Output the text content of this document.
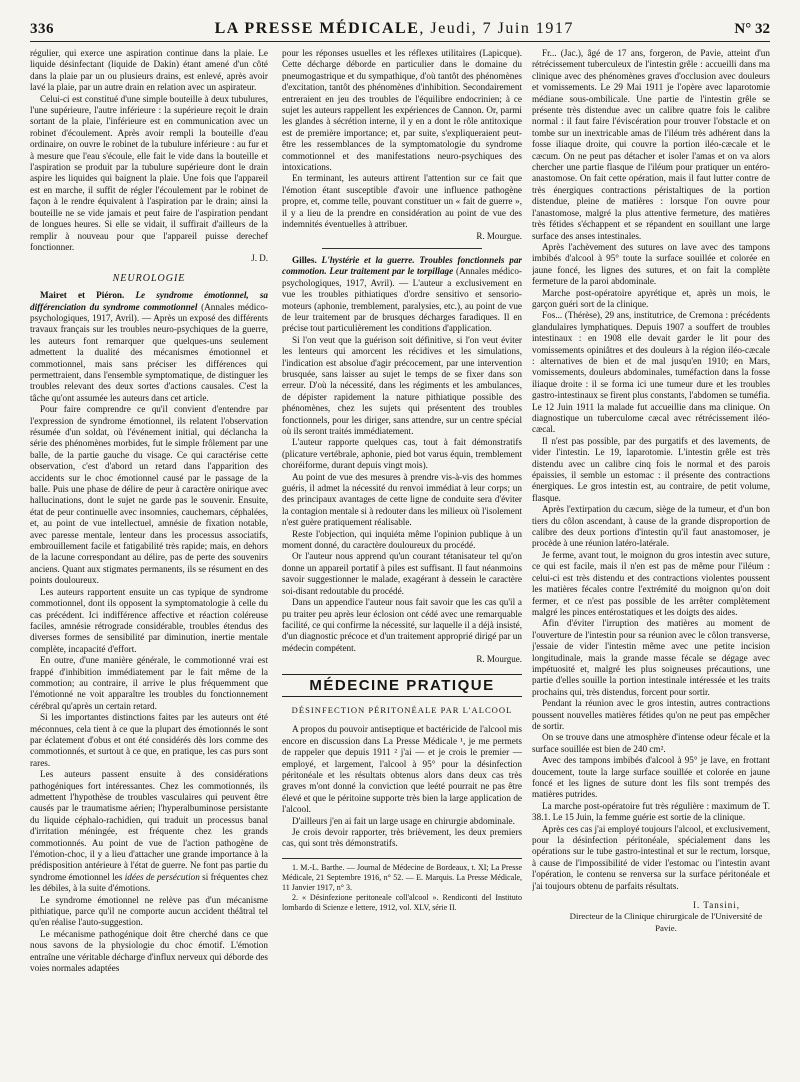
336	LA PRESSE MÉDICALE, Jeudi, 7 Juin 1917	N° 32

régulier, qui exerce une aspiration continue dans la plaie. Le liquide désinfectant (liquide de Dakin) étant amené d'un côté dans la plaie par un ou plusieurs drains, est enlevé, après avoir lavé la plaie, par un autre drain en relation avec un aspirateur.

Celui-ci est constitué d'une simple bouteille à deux tubulures, l'une supérieure, l'autre inférieure : la supérieure reçoit le drain sortant de la plaie, l'inférieure est en communication avec un robinet d'écoulement. Après avoir rempli la bouteille d'eau ordinaire, on ouvre le robinet de la tubulure inférieure : au fur et à mesure que l'eau s'écoule, elle fait le vide dans la bouteille et l'aspiration se produit par la tubulure supérieure dont le drain aspire les liquides qui baignent la plaie. Une fois que l'appareil est en marche, il suffit de régler l'écoulement par le robinet de façon à le rendre équivalent à l'aspiration par le drain; ainsi la bouteille ne se vide jamais et peut faire de l'aspiration pendant de longues heures. Si elle se vidait, il suffirait d'ailleurs de la remplir à nouveau pour que l'appareil puisse derechef fonctionner.

J. D.

NEUROLOGIE

Mairet et Piéron. Le syndrome émotionnel, sa différenciation du syndrome commotionnel (Annales médico-psychologiques, 1917, Avril). — Après un exposé des différents travaux français sur les troubles neuro-psychiques de la guerre, les auteurs font remarquer que quelques-uns seulement admettent la dualité des mécanismes émotionnel et commotionnel, mais sans préciser les différences qui permettraient, dans l'ensemble symptomatique, de distinguer les troubles relevant des deux sortes d'actions causales. C'est la tâche qu'ont assumée les auteurs dans cet article.

Pour faire comprendre ce qu'il convient d'entendre par l'expression de syndrome émotionnel, ils relatent l'observation résumée d'un soldat, où l'événement initial, qui déclancha la série des phénomènes morbides, fut le simple frôlement par une balle, de la partie gauche du visage. Ce qui caractérise cette observation, c'est d'abord un retard dans l'apparition des accidents sur le choc émotionnel causé par le passage de la balle. Puis une phase de délire de peur à caractère onirique avec hallucinations, dont le sujet ne garde pas le souvenir. Ensuite, état de peur continuelle avec insomnies, cauchemars, céphalées, et, au point de vue intellectuel, amnésie de fixation notable, avec paresse mentale, lenteur dans les processus associatifs, embrouillement facile et fatigabilité très rapide; mais, en dehors de la lacune correspondant au délire, pas de perte des souvenirs anciens. Quant aux stigmates permanents, ils se résument en des points douloureux.

Les auteurs rapportent ensuite un cas typique de syndrome commotionnel, dont ils opposent la symptomatologie à celle du cas précédent. Ici indifférence affective et réaction coléreuse faciles, amnésie rétrograde considérable, troubles étendus des diverses formes de sensibilité par diminution, inertie mentale complète, incapacité d'effort.

En outre, d'une manière générale, le commotionné vrai est frappé d'inhibition immédiatement par le fait même de la commotion; au contraire, il arrive le plus fréquemment que l'émotionné ne voit apparaître les troubles du fonctionnement cérébral qu'après un certain retard.

Si les importantes distinctions faites par les auteurs ont été méconnues, cela tient à ce que la plupart des émotionnés le sont par éclatement d'obus et ont été considérés dès lors comme des commotionnés, et surtout à ce que, en pratique, les cas purs sont rares.

Les auteurs passent ensuite à des considérations pathogéniques fort intéressantes. Chez les commotionnés, ils admettent l'hypothèse de troubles vasculaires qui peuvent être causés par le traumatisme aérien; l'hyperalbuminose persistante du liquide céphalo-rachidien, qui traduit un processus banal d'irritation méningée, est fréquente chez les grands commotionnés. Au point de vue de l'action pathogène de l'émotion-choc, il y a lieu d'attacher une grande importance à la prédisposition antérieure à l'état de guerre. Ne font pas partie du syndrome émotionnel les idées de persécution si fréquentes chez les débiles, à la suite d'émotions.

Le syndrome émotionnel ne relève pas d'un mécanisme pithiatique, parce qu'il ne comporte aucun accident théâtral tel qu'en réalise l'auto-suggestion.

Le mécanisme pathogénique doit être cherché dans ce que nous savons de la physiologie du choc émotif. L'émotion entraîne une véritable décharge d'influx nerveux qui déborde des voies normales adaptées

pour les réponses usuelles et les réflexes utilitaires (Lapicque). Cette décharge déborde en particulier dans le domaine du pneumogastrique et du sympathique, d'où tantôt des phénomènes d'excitation, tantôt des phénomènes d'inhibition. Secondairement entreraient en jeu des troubles de l'équilibre endocrinien; à ce sujet les auteurs rappellent les expériences de Cannon. Or, parmi les glandes à sécrétion interne, il y en a dont le rôle antitoxique est de première importance; et, par suite, s'expliqueraient peut-être les ressemblances de la symptomatologie du syndrome commotionnel et des manifestations neuro-psychiques des intoxications.

En terminant, les auteurs attirent l'attention sur ce fait que l'émotion étant susceptible d'avoir une influence pathogène propre, et, comme telle, pouvant constituer un « fait de guerre », il y a lieu de la prendre en considération au point de vue des indemnités éventuelles à attribuer.

R. Mourgue.

Gilles. L'hystérie et la guerre. Troubles fonctionnels par commotion. Leur traitement par le torpillage (Annales médico-psychologiques, 1917, Avril). — L'auteur a exclusivement en vue les troubles pithiatiques d'ordre sensitivo et sensorio-moteurs (aphonie, tremblement, paralysies, etc.), au point de vue de leur traitement par de brusques décharges faradiques. Il en précise tout particulièrement les conditions d'application.

Si l'on veut que la guérison soit définitive, si l'on veut éviter les lenteurs qui amorcent les récidives et les simulations, l'indication est absolue d'agir précocement, par une intervention brusquée, sans laisser au sujet le temps de se fixer dans son erreur. D'où la nécessité, dans les régiments et les ambulances, de dépister rapidement la nature pithiatique possible des phénomènes, chez les sujets qui présentent des troubles fonctionnels, pour les diriger, sans attendre, sur un centre spécial où ils seront traités immédiatement.

L'auteur rapporte quelques cas, tout à fait démonstratifs (plicature vertébrale, aphonie, pied bot varus équin, tremblement choréiforme, durant depuis vingt mois).

Au point de vue des mesures à prendre vis-à-vis des hommes guéris, il admet la nécessité du renvoi immédiat à leur corps; un des principaux avantages de cette ligne de conduite sera d'éviter la contagion mentale si à redouter dans les milieux où l'isolement n'est guère pratiquement réalisable.

Reste l'objection, qui inquiéta même l'opinion publique à un moment donné, du caractère douloureux du procédé.

Or l'auteur nous apprend qu'un courant tétanisateur tel qu'on donne un appareil portatif à piles est suffisant. Il faut néanmoins savoir suggestionner le malade, exagérant à dessein le caractère soi-disant redoutable du procédé.

Dans un appendice l'auteur nous fait savoir que les cas qu'il a pu traiter peu après leur éclosion ont cédé avec une remarquable facilité, ce qui confirme la nécessité, sur laquelle il a déjà insisté, d'un diagnostic précoce et d'un traitement approprié dirigé par un médecin compétent.

R. Mourgue.

MÉDECINE PRATIQUE
DÉSINFECTION PÉRITONÉALE PAR L'ALCOOL

A propos du pouvoir antiseptique et bactéricide de l'alcool mis encore en discussion dans La Presse Médicale ¹, je me permets de rappeler que depuis 1911 ² j'ai — et je crois le premier — employé, et largement, l'alcool à 95° pour la désinfection péritonéale et les résultats obtenus alors dans deux cas très graves m'ont donné la conviction que leété pourrait ne pas être élevé et que le péritoine supporte très bien la large application de l'alcool.

D'ailleurs j'en ai fait un large usage en chirurgie abdominale.

Je crois devoir rapporter, très brièvement, les deux premiers cas, qui sont très démonstratifs.

1. M.-L. Barthe. — Journal de Médecine de Bordeaux, t. XI; La Presse Médicale, 21 Septembre 1916, n° 52. — E. Marquis. La Presse Médicale, 11 Janvier 1917, n° 3.

2. « Désinfezione peritoneale coll'alcool ». Rendiconti del Instituto lombardo di Scienze e lettere, 1912, vol. XLV, série II.

Fr... (Jac.), âgé de 17 ans, forgeron, de Pavie, atteint d'un rétrécissement tuberculeux de l'intestin grêle : accueilli dans ma clinique avec des phénomènes graves d'occlusion avec douleurs et vomissements. Le 29 Mai 1911 je l'opère avec laparotomie médiane sous-ombilicale. Une partie de l'intestin grêle se présente très distendue avec un calibre quatre fois le calibre normal : il faut faire l'éviscération pour trouver l'obstacle et on tombe sur un inextricable amas de l'iléum très adhérent dans la fosse iliaque droite, qui couvre la portion iléo-cæcale et le cæcum. On ne peut pas détacher et isoler l'amas et on va alors chercher une partie flasque de l'iléum pour pratiquer un entéro-anastomose. On fait cette opération, mais il faut lutter contre de très énergiques contractions péristaltiques de la portion distendue, pleine de matières : lorsque l'on ouvre pour l'anastomose, malgré la plus attentive fermeture, des matières très fétides s'échappent et se répandent en souillant une large surface des anses intestinales.

Après l'achèvement des sutures on lave avec des tampons imbibés d'alcool à 95° toute la surface souillée et colorée en jaune foncé, les lignes des sutures, et on fait la complète fermeture de la paroi abdominale.

Marche post-opératoire apyrétique et, après un mois, le garçon guéri sort de la clinique.

Fos... (Thérèse), 29 ans, institutrice, de Cremona : précédents glandulaires lymphatiques. Depuis 1907 a souffert de troubles intestinaux : en 1908 elle devait garder le lit pour des vomissements opiniâtres et des douleurs à la région iléo-cæcale : alternatives de bien et de mal jusqu'en 1910; en Mars, vomissements, douleurs abdominales, tuméfaction dans la fosse iliaque droite : il se forma ici une tumeur dure et les troubles gastro-intestinaux se firent plus constants, l'abdomen se tuméfia. Le 12 Juin 1911 la malade fut accueillie dans ma clinique. On diagnostique un tuberculome cæcal avec rétrécissement iléo-cæcal.

Il n'est pas possible, par des purgatifs et des lavements, de vider l'intestin. Le 19, laparotomie. L'intestin grêle est très distendu avec un calibre cinq fois le normal et des parois épaissies, il semble un estomac : il présente des contractions énergiques. Le gros intestin est, au contraire, de petit volume, flasque.

Après l'extirpation du cæcum, siège de la tumeur, et d'un bon tiers du côlon ascendant, à cause de la grande disproportion de calibre des deux portions d'intestin qu'il faut anastomoser, je procède à une réunion latéro-latérale.

Je ferme, avant tout, le moignon du gros intestin avec suture, ce qui est facile, mais il n'en est pas de même pour l'iléum : celui-ci est très distendu et des contractions violentes poussent les matières fécales contre l'extrémité du moignon qu'on doit fermer, et ce n'est pas possible de les arrêter complètement malgré les pinces entérostatiques et les doigts des aides.

Afin d'éviter l'irruption des matières au moment de l'ouverture de l'intestin pour sa réunion avec le côlon transverse, j'essaie de vider l'intestin même avec une petite incision longitudinale, mais la grande masse fécale se dégage avec impétuosité et, malgré les plus soigneuses précautions, une partie d'elles souille la portion intestinale intéressée et les traits prochains qui, très distendus, forcent pour sortir.

Pendant la réunion avec le gros intestin, autres contractions poussent nouvelles matières fétides qu'on ne peut pas empêcher de sortir.

On se trouve dans une atmosphère d'intense odeur fécale et la surface souillée est bien de 240 cm².

Avec des tampons imbibés d'alcool à 95° je lave, en frottant doucement, toute la large surface souillée et colorée en jaune foncé et les lignes de suture dont les fils sont trempés des matières putrides.

La marche post-opératoire fut très régulière : maximum de T. 38.1. Le 15 Juin, la femme guérie est sortie de la clinique.

Après ces cas j'ai employé toujours l'alcool, et exclusivement, pour la désinfection péritonéale, spécialement dans les opérations sur le tube gastro-intestinal et sur le rectum, lorsque, à cause de l'impossibilité de vider l'estomac ou l'intestin avant l'opération, le contenu se renversa sur la surface péritonéale et j'ai toujours obtenu de parfaits résultats.

I. Tansini,
Directeur de la Clinique chirurgicale de l'Université de Pavie.
